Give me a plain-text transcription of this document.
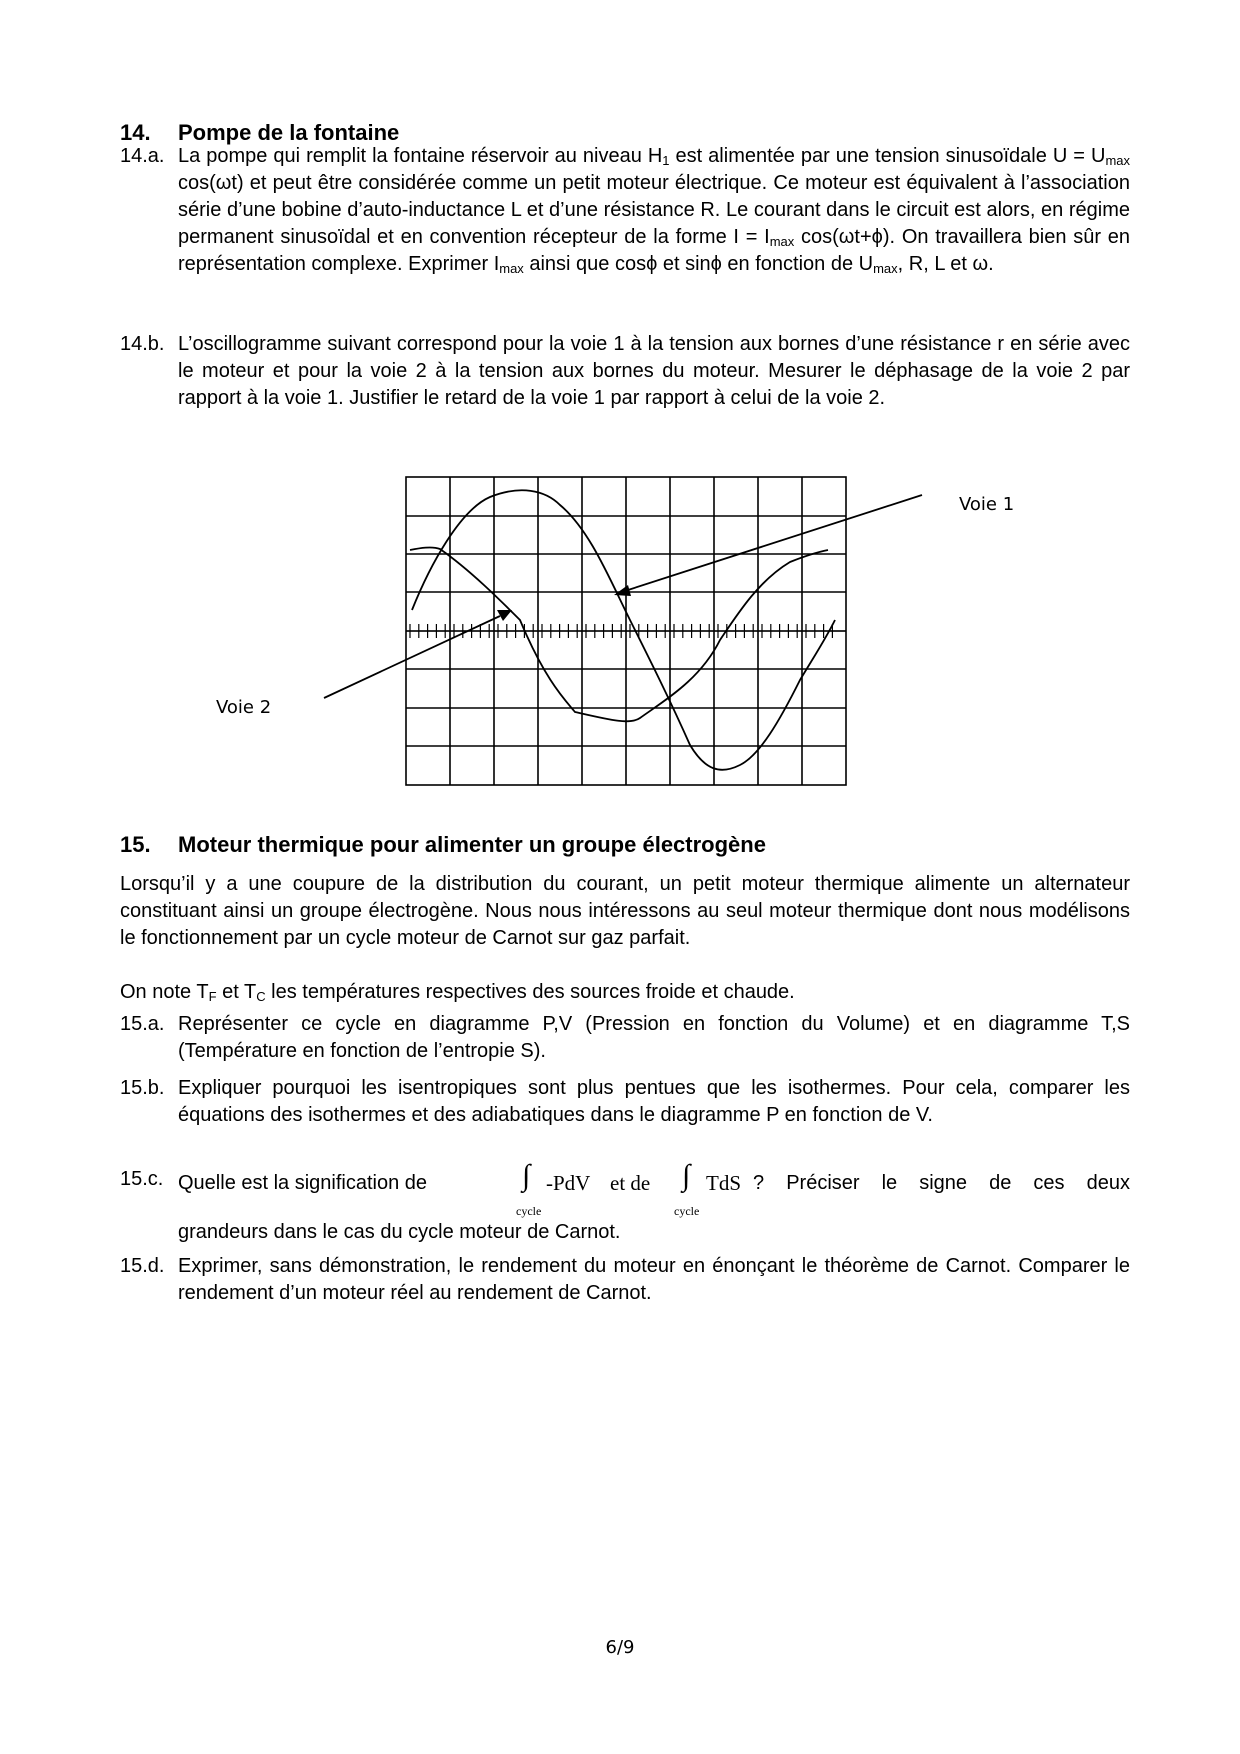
14. Pompe de la fontaine
14.a. La pompe qui remplit la fontaine réservoir au niveau $H_1$ est alimentée par une tension sinusoïdale $U = U_{max}$ cos(ωt) et peut être considérée comme un petit moteur électrique. Ce moteur est équivalent à l’association série d’une bobine d’auto-inductance L et d’une résistance R. Le courant dans le circuit est alors, en régime permanent sinusoïdal et en convention récepteur de la forme $I = I_{max}$ cos(ωt+ϕ). On travaillera bien sûr en représentation complexe. Exprimer $I_{max}$ ainsi que cosϕ et sinϕ en fonction de $U_{max}$, R, L et ω.
14.b. L’oscillogramme suivant correspond pour la voie 1 à la tension aux bornes d’une résistance r en série avec le moteur et pour la voie 2 à la tension aux bornes du moteur. Mesurer le déphasage de la voie 2 par rapport à la voie 1. Justifier le retard de la voie 1 par rapport à celui de la voie 2.
Voie 1
Voie 2
15. Moteur thermique pour alimenter un groupe électrogène
Lorsqu’il y a une coupure de la distribution du courant, un petit moteur thermique alimente un alternateur constituant ainsi un groupe électrogène. Nous nous intéressons au seul moteur thermique dont nous modélisons le fonctionnement par un cycle moteur de Carnot sur gaz parfait.
On note $T_F$ et $T_C$ les températures respectives des sources froide et chaude.
15.a. Représenter ce cycle en diagramme P,V (Pression en fonction du Volume) et en diagramme T,S (Température en fonction de l’entropie S).
15.b. Expliquer pourquoi les isentropiques sont plus pentues que les isothermes. Pour cela, comparer les équations des isothermes et des adiabatiques dans le diagramme P en fonction de V.
15.c. Quelle est la signification de	∫
cycle
-PdV et de ∫
cycle
TdS ? Préciser le signe de ces deux
grandeurs dans le cas du cycle moteur de Carnot.
15.d. Exprimer, sans démonstration, le rendement du moteur en énonçant le théorème de Carnot. Comparer le rendement d’un moteur réel au rendement de Carnot.
6/9
